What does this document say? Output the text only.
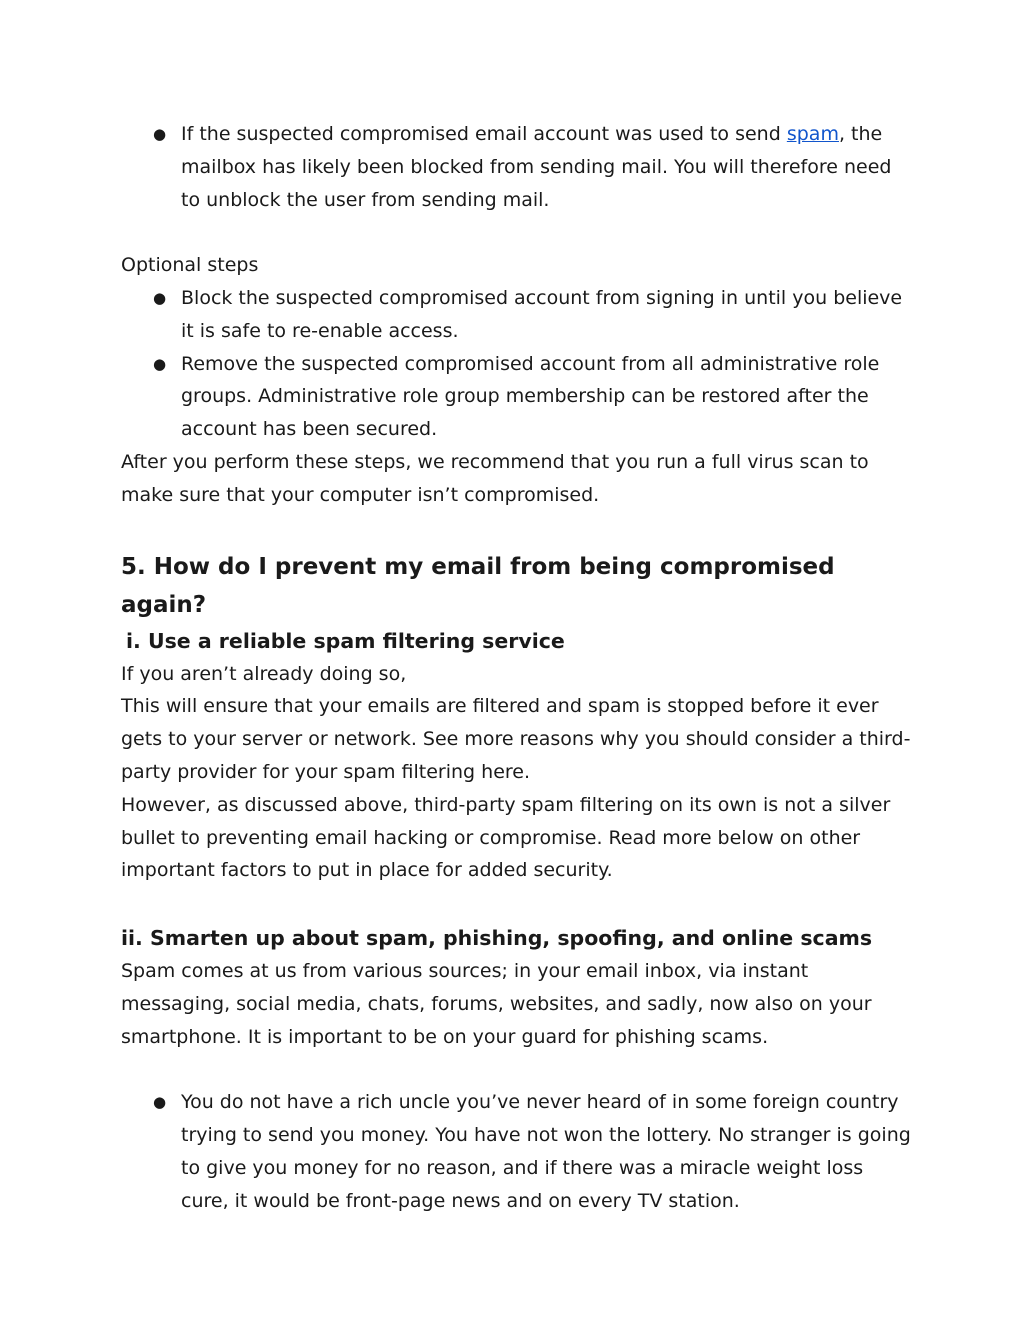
● If the suspected compromised email account was used to send spam, the mailbox has likely been blocked from sending mail. You will therefore need to unblock the user from sending mail.

Optional steps

● Block the suspected compromised account from signing in until you believe it is safe to re-enable access.
● Remove the suspected compromised account from all administrative role groups. Administrative role group membership can be restored after the account has been secured.

After you perform these steps, we recommend that you run a full virus scan to make sure that your computer isn’t compromised.

5. How do I prevent my email from being compromised again?
i. Use a reliable spam filtering service

If you aren’t already doing so,

This will ensure that your emails are filtered and spam is stopped before it ever gets to your server or network. See more reasons why you should consider a third-party provider for your spam filtering here.

However, as discussed above, third-party spam filtering on its own is not a silver bullet to preventing email hacking or compromise. Read more below on other important factors to put in place for added security.

ii. Smarten up about spam, phishing, spoofing, and online scams

Spam comes at us from various sources; in your email inbox, via instant messaging, social media, chats, forums, websites, and sadly, now also on your smartphone. It is important to be on your guard for phishing scams.

● You do not have a rich uncle you’ve never heard of in some foreign country trying to send you money. You have not won the lottery. No stranger is going to give you money for no reason, and if there was a miracle weight loss cure, it would be front-page news and on every TV station.
